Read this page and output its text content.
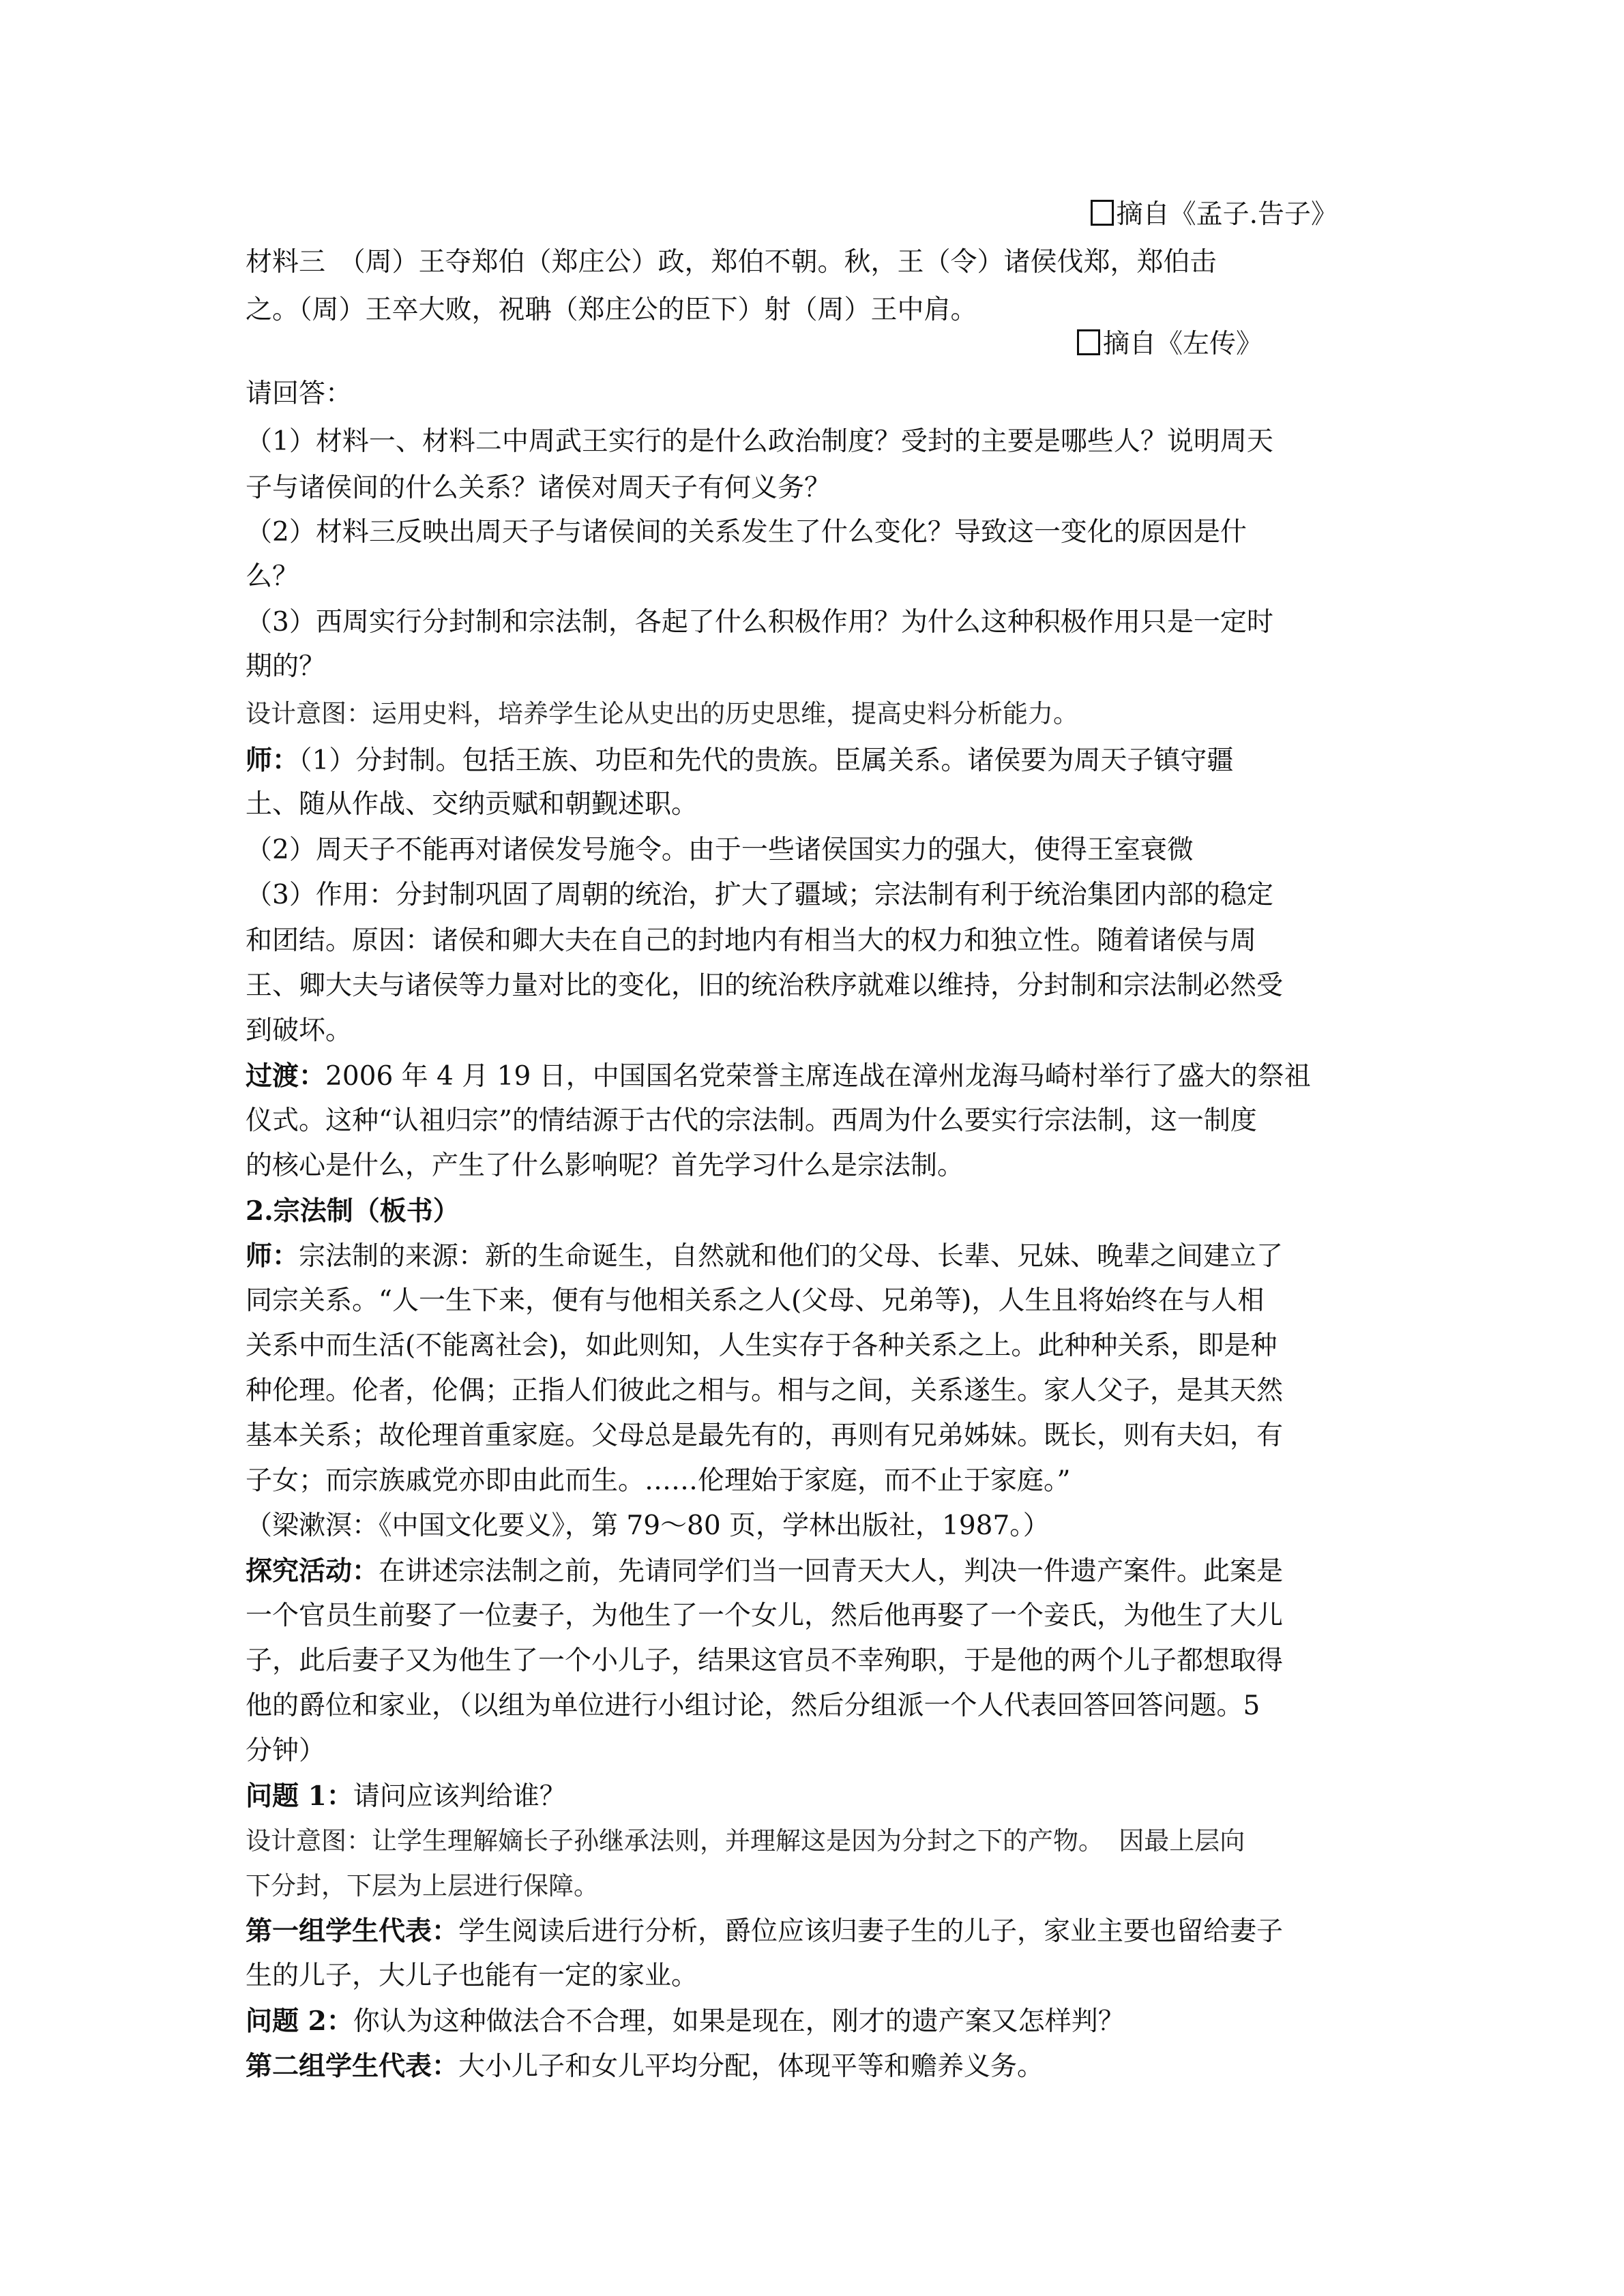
摘自《孟子.告子》
材料三　（周）王夺郑伯（郑庄公）政，郑伯不朝。秋，王（令）诸侯伐郑，郑伯击
之。（周）王卒大败，祝聃（郑庄公的臣下）射（周）王中肩。
摘自《左传》
请回答：
（1）材料一、材料二中周武王实行的是什么政治制度？受封的主要是哪些人？说明周天
子与诸侯间的什么关系？诸侯对周天子有何义务？
（2）材料三反映出周天子与诸侯间的关系发生了什么变化？导致这一变化的原因是什
么？
（3）西周实行分封制和宗法制，各起了什么积极作用？为什么这种积极作用只是一定时
期的？
设计意图：运用史料，培养学生论从史出的历史思维，提高史料分析能力。
师：（1）分封制。包括王族、功臣和先代的贵族。臣属关系。诸侯要为周天子镇守疆
土、随从作战、交纳贡赋和朝觐述职。
（2）周天子不能再对诸侯发号施令。由于一些诸侯国实力的强大，使得王室衰微
（3）作用：分封制巩固了周朝的统治，扩大了疆域；宗法制有利于统治集团内部的稳定
和团结。原因：诸侯和卿大夫在自己的封地内有相当大的权力和独立性。随着诸侯与周
王、卿大夫与诸侯等力量对比的变化，旧的统治秩序就难以维持，分封制和宗法制必然受
到破坏。
过渡：2006 年 4 月 19 日，中国国名党荣誉主席连战在漳州龙海马崎村举行了盛大的祭祖
仪式。这种“认祖归宗”的情结源于古代的宗法制。西周为什么要实行宗法制，这一制度
的核心是什么，产生了什么影响呢？首先学习什么是宗法制。
2.宗法制（板书）
师：宗法制的来源：新的生命诞生，自然就和他们的父母、长辈、兄妹、晚辈之间建立了
同宗关系。“人一生下来，便有与他相关系之人(父母、兄弟等)，人生且将始终在与人相
关系中而生活(不能离社会)，如此则知，人生实存于各种关系之上。此种种关系，即是种
种伦理。伦者，伦偶；正指人们彼此之相与。相与之间，关系遂生。家人父子，是其天然
基本关系；故伦理首重家庭。父母总是最先有的，再则有兄弟姊妹。既长，则有夫妇，有
子女；而宗族戚党亦即由此而生。……伦理始于家庭，而不止于家庭。”
（梁漱溟：《中国文化要义》，第 79～80 页，学林出版社，1987。）
探究活动：在讲述宗法制之前，先请同学们当一回青天大人，判决一件遗产案件。此案是
一个官员生前娶了一位妻子，为他生了一个女儿，然后他再娶了一个妾氏，为他生了大儿
子，此后妻子又为他生了一个小儿子，结果这官员不幸殉职，于是他的两个儿子都想取得
他的爵位和家业，（以组为单位进行小组讨论，然后分组派一个人代表回答回答问题。5
分钟）
问题 1：请问应该判给谁？
设计意图：让学生理解嫡长子孙继承法则，并理解这是因为分封之下的产物。 因最上层向
下分封，下层为上层进行保障。
第一组学生代表：学生阅读后进行分析，爵位应该归妻子生的儿子，家业主要也留给妻子
生的儿子，大儿子也能有一定的家业。
问题 2：你认为这种做法合不合理，如果是现在，刚才的遗产案又怎样判？
第二组学生代表：大小儿子和女儿平均分配，体现平等和赡养义务。
